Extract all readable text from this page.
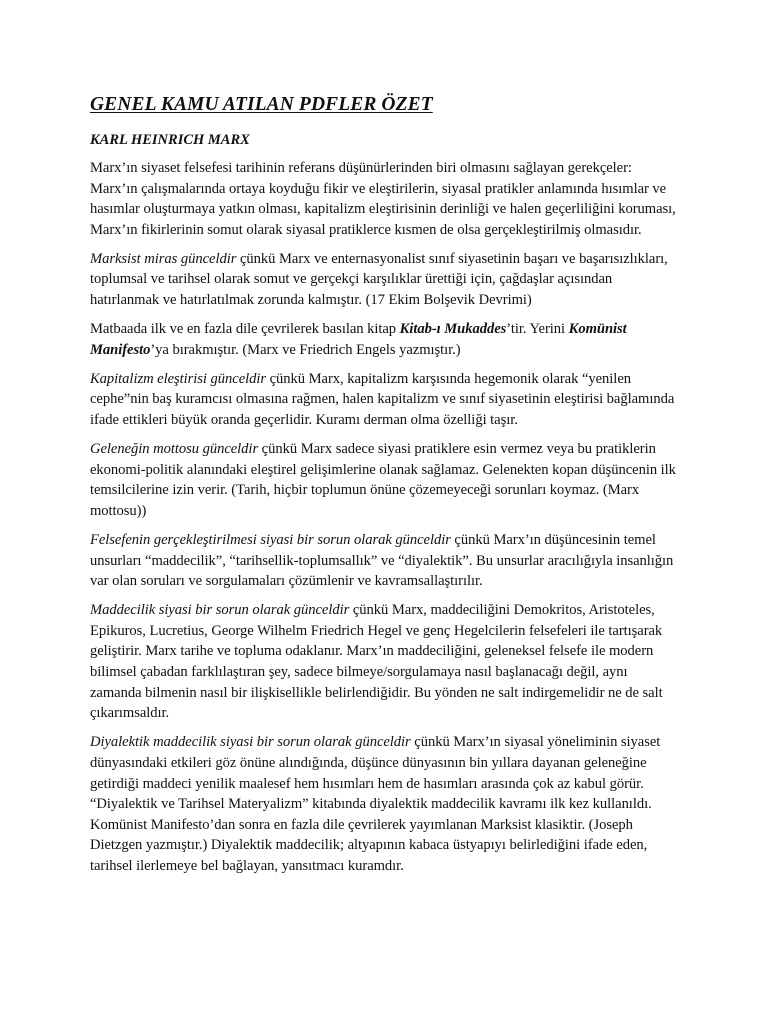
GENEL KAMU ATILAN PDFLER ÖZET
KARL HEINRICH MARX

Marx’ın siyaset felsefesi tarihinin referans düşünürlerinden biri olmasını sağlayan gerekçeler: Marx’ın çalışmalarında ortaya koyduğu fikir ve eleştirilerin, siyasal pratikler anlamında hısımlar ve hasımlar oluşturmaya yatkın olması, kapitalizm eleştirisinin derinliği ve halen geçerliliğini koruması, Marx’ın fikirlerinin somut olarak siyasal pratiklerce kısmen de olsa gerçekleştirilmiş olmasıdır.

Marksist miras günceldir çünkü Marx ve enternasyonalist sınıf siyasetinin başarı ve başarısızlıkları, toplumsal ve tarihsel olarak somut ve gerçekçi karşılıklar ürettiği için, çağdaşlar açısından hatırlanmak ve hatırlatılmak zorunda kalmıştır. (17 Ekim Bolşevik Devrimi)

Matbaada ilk ve en fazla dile çevrilerek basılan kitap Kitab-ı Mukaddes’tir. Yerini Komünist Manifesto’ya bırakmıştır. (Marx ve Friedrich Engels yazmıştır.)

Kapitalizm eleştirisi günceldir çünkü Marx, kapitalizm karşısında hegemonik olarak “yenilen cephe”nin baş kuramcısı olmasına rağmen, halen kapitalizm ve sınıf siyasetinin eleştirisi bağlamında ifade ettikleri büyük oranda geçerlidir. Kuramı derman olma özelliği taşır.

Geleneğin mottosu günceldir çünkü Marx sadece siyasi pratiklere esin vermez veya bu pratiklerin ekonomi-politik alanındaki eleştirel gelişimlerine olanak sağlamaz. Gelenekten kopan düşüncenin ilk temsilcilerine izin verir. (Tarih, hiçbir toplumun önüne çözemeyeceği sorunları koymaz. (Marx mottosu))

Felsefenin gerçekleştirilmesi siyasi bir sorun olarak günceldir çünkü Marx’ın düşüncesinin temel unsurları “maddecilik”, “tarihsellik-toplumsallık” ve “diyalektik”. Bu unsurlar aracılığıyla insanlığın var olan soruları ve sorgulamaları çözümlenir ve kavramsallaştırılır.

Maddecilik siyasi bir sorun olarak günceldir çünkü Marx, maddeciliğini Demokritos, Aristoteles, Epikuros, Lucretius, George Wilhelm Friedrich Hegel ve genç Hegelcilerin felsefeleri ile tartışarak geliştirir. Marx tarihe ve topluma odaklanır. Marx’ın maddeciliğini, geleneksel felsefe ile modern bilimsel çabadan farklılaştıran şey, sadece bilmeye/sorgulamaya nasıl başlanacağı değil, aynı zamanda bilmenin nasıl bir ilişkisellikle belirlendiğidir. Bu yönden ne salt indirgemelidir ne de salt çıkarımsaldır.

Diyalektik maddecilik siyasi bir sorun olarak günceldir çünkü Marx’ın siyasal yöneliminin siyaset dünyasındaki etkileri göz önüne alındığında, düşünce dünyasının bin yıllara dayanan geleneğine getirdiği maddeci yenilik maalesef hem hısımları hem de hasımları arasında çok az kabul görür. “Diyalektik ve Tarihsel Materyalizm” kitabında diyalektik maddecilik kavramı ilk kez kullanıldı. Komünist Manifesto’dan sonra en fazla dile çevrilerek yayımlanan Marksist klasiktir. (Joseph Dietzgen yazmıştır.) Diyalektik maddecilik; altyapının kabaca üstyapıyı belirlediğini ifade eden, tarihsel ilerlemeye bel bağlayan, yansıtmacı kuramdır.
